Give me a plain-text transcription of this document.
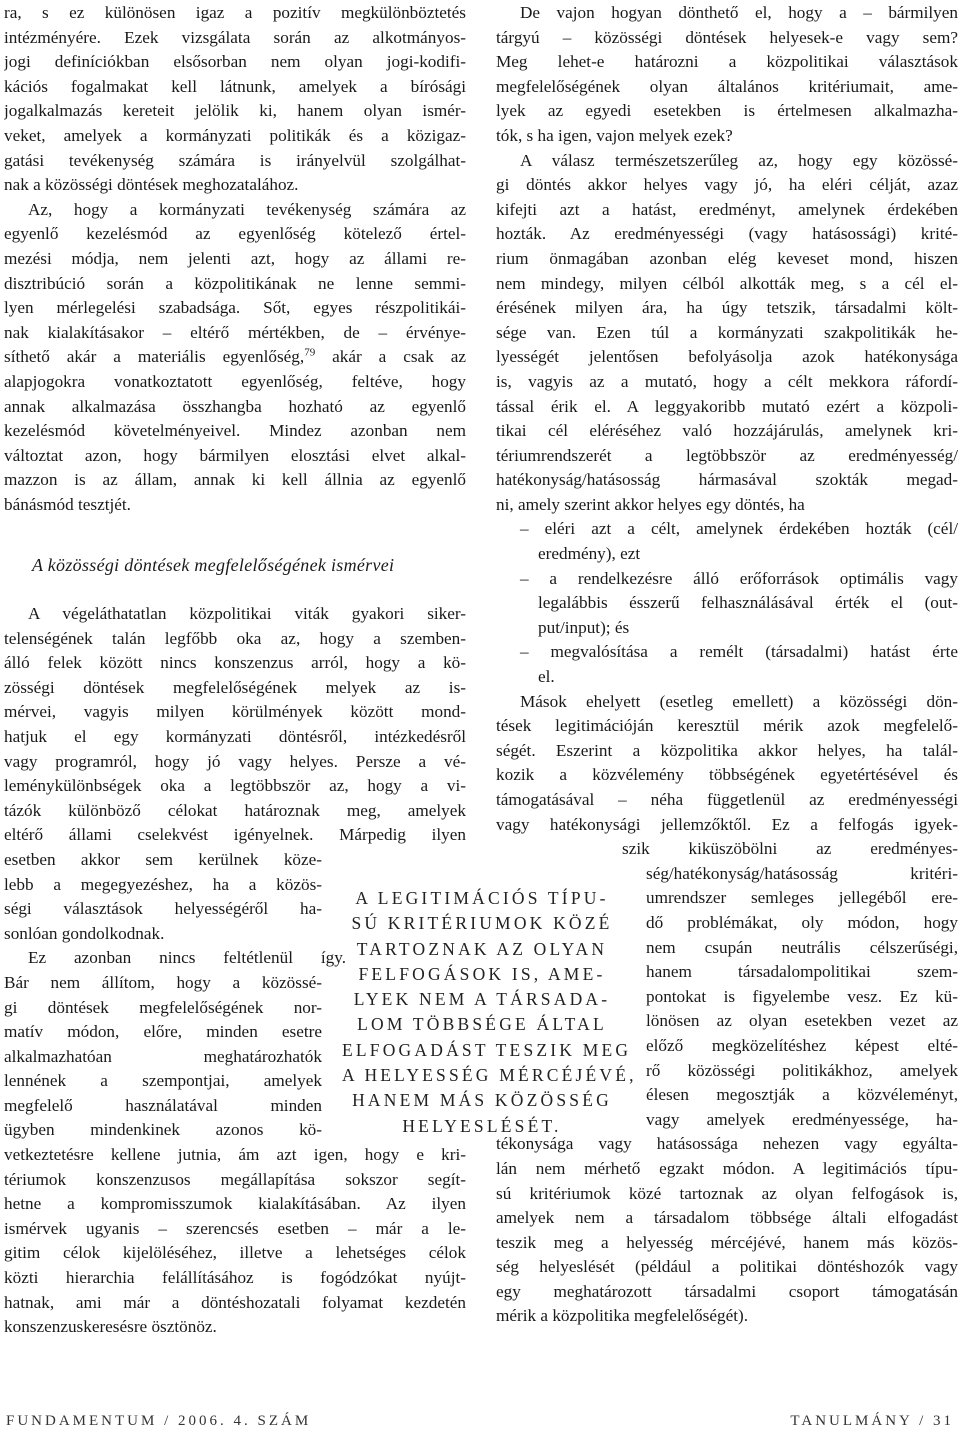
ra, s ez különösen igaz a pozitív megkülönböztetés
intézményére. Ezek vizsgálata során az alkotmányos-
jogi definíciókban elsősorban nem olyan jogi-kodifi-
kációs fogalmakat kell látnunk, amelyek a bírósági
jogalkalmazás kereteit jelölik ki, hanem olyan ismér-
veket, amelyek a kormányzati politikák és a közigaz-
gatási tevékenység számára is irányelvül szolgálhat-
nak a közösségi döntések meghozatalához.
Az, hogy a kormányzati tevékenység számára az
egyenlő kezelésmód az egyenlőség kötelező értel-
mezési módja, nem jelenti azt, hogy az állami re-
disztribúció során a közpolitikának ne lenne semmi-
lyen mérlegelési szabadsága. Sőt, egyes részpolitikái-
nak kialakításakor – eltérő mértékben, de – érvénye-
síthető akár a materiális egyenlőség,$^{79}$ akár a csak az
alapjogokra vonatkoztatott egyenlőség, feltéve, hogy
annak alkalmazása összhangba hozható az egyenlő
kezelésmód követelményeivel. Mindez azonban nem
változtat azon, hogy bármilyen elosztási elvet alkal-
mazzon is az állam, annak ki kell állnia az egyenlő
bánásmód tesztjét.
A közösségi döntések megfelelőségének ismérvei
A végeláthatatlan közpolitikai viták gyakori siker-
telenségének talán legfőbb oka az, hogy a szemben-
álló felek között nincs konszenzus arról, hogy a kö-
zösségi döntések megfelelőségének melyek az is-
mérvei, vagyis milyen körülmények között mond-
hatjuk el egy kormányzati döntésről, intézkedésről
vagy programról, hogy jó vagy helyes. Persze a vé-
leménykülönbségek oka a legtöbbször az, hogy a vi-
tázók különböző célokat határoznak meg, amelyek
eltérő állami cselekvést igényelnek. Márpedig ilyen
esetben akkor sem kerülnek köze-
lebb a megegyezéshez, ha a közös-
ségi választások helyességéről ha-
sonlóan gondolkodnak.
Ez azonban nincs feltétlenül így.
Bár nem állítom, hogy a közössé-
gi döntések megfelelőségének nor-
matív módon, előre, minden esetre
alkalmazhatóan meghatározhatók
lennének a szempontjai, amelyek
megfelelő használatával minden
ügyben mindenkinek azonos kö-
vetkeztetésre kellene jutnia, ám azt igen, hogy e kri-
tériumok konszenzusos megállapítása sokszor segít-
hetne a kompromisszumok kialakításában. Az ilyen
ismérvek ugyanis – szerencsés esetben – már a le-
gitim célok kijelöléséhez, illetve a lehetséges célok
közti hierarchia felállításához is fogódzókat nyújt-
hatnak, ami már a döntéshozatali folyamat kezdetén
konszenzuskeresésre ösztönöz.
A LEGITIMÁCIÓS TÍPU-
SÚ KRITÉRIUMOK KÖZÉ
TARTOZNAK AZ OLYAN
FELFOGÁSOK IS, AME-
LYEK NEM A TÁRSADA-
LOM TÖBBSÉGE ÁLTAL
ELFOGADÁST TESZIK MEG
A HELYESSÉG MÉRCÉJÉVÉ,
HANEM MÁS KÖZÖSSÉG
HELYESLÉSÉT.
De vajon hogyan dönthető el, hogy a – bármilyen
tárgyú – közösségi döntések helyesek-e vagy sem?
Meg lehet-e határozni a közpolitikai választások
megfelelőségének olyan általános kritériumait, ame-
lyek az egyedi esetekben is értelmesen alkalmazha-
tók, s ha igen, vajon melyek ezek?
A válasz természetszerűleg az, hogy egy közössé-
gi döntés akkor helyes vagy jó, ha eléri célját, azaz
kifejti azt a hatást, eredményt, amelynek érdekében
hozták. Az eredményességi (vagy hatásossági) krité-
rium önmagában azonban elég keveset mond, hiszen
nem mindegy, milyen célból alkották meg, s a cél el-
érésének milyen ára, ha úgy tetszik, társadalmi költ-
sége van. Ezen túl a kormányzati szakpolitikák he-
lyességét jelentősen befolyásolja azok hatékonysága
is, vagyis az a mutató, hogy a célt mekkora ráfordí-
tással érik el. A leggyakoribb mutató ezért a közpoli-
tikai cél eléréséhez való hozzájárulás, amelynek kri-
tériumrendszerét a legtöbbször az eredményesség/
hatékonyság/hatásosság hármasával szokták megad-
ni, amely szerint akkor helyes egy döntés, ha
– eléri azt a célt, amelynek érdekében hozták (cél/
eredmény), ezt
– a rendelkezésre álló erőforrások optimális vagy
legalábbis ésszerű felhasználásával érték el (out-
put/input); és
– megvalósítása a remélt (társadalmi) hatást érte
el.
Mások ehelyett (esetleg emellett) a közösségi dön-
tések legitimációján keresztül mérik azok megfelelő-
ségét. Eszerint a közpolitika akkor helyes, ha talál-
kozik a közvélemény többségének egyetértésével és
támogatásával – néha függetlenül az eredményességi
vagy hatékonysági jellemzőktől. Ez a felfogás igyek-
szik kiküszöbölni az eredményes-
ség/hatékonyság/hatásosság kritéri-
umrendszer semleges jellegéből ere-
dő problémákat, oly módon, hogy
nem csupán neutrális célszerűségi,
hanem társadalompolitikai szem-
pontokat is figyelembe vesz. Ez kü-
lönösen az olyan esetekben vezet az
előző megközelítéshez képest elté-
rő közösségi politikákhoz, amelyek
élesen megosztják a közvéleményt,
vagy amelyek eredményessége, ha-
tékonysága vagy hatásossága nehezen vagy egyálta-
lán nem mérhető egzakt módon. A legitimációs típu-
sú kritériumok közé tartoznak az olyan felfogások is,
amelyek nem a társadalom többsége általi elfogadást
teszik meg a helyesség mércéjévé, hanem más közös-
ség helyeslését (például a politikai döntéshozók vagy
egy meghatározott társadalmi csoport támogatásán
mérik a közpolitika megfelelőségét).
FUNDAMENTUM / 2006. 4. SZÁM	TANULMÁNY / 31
